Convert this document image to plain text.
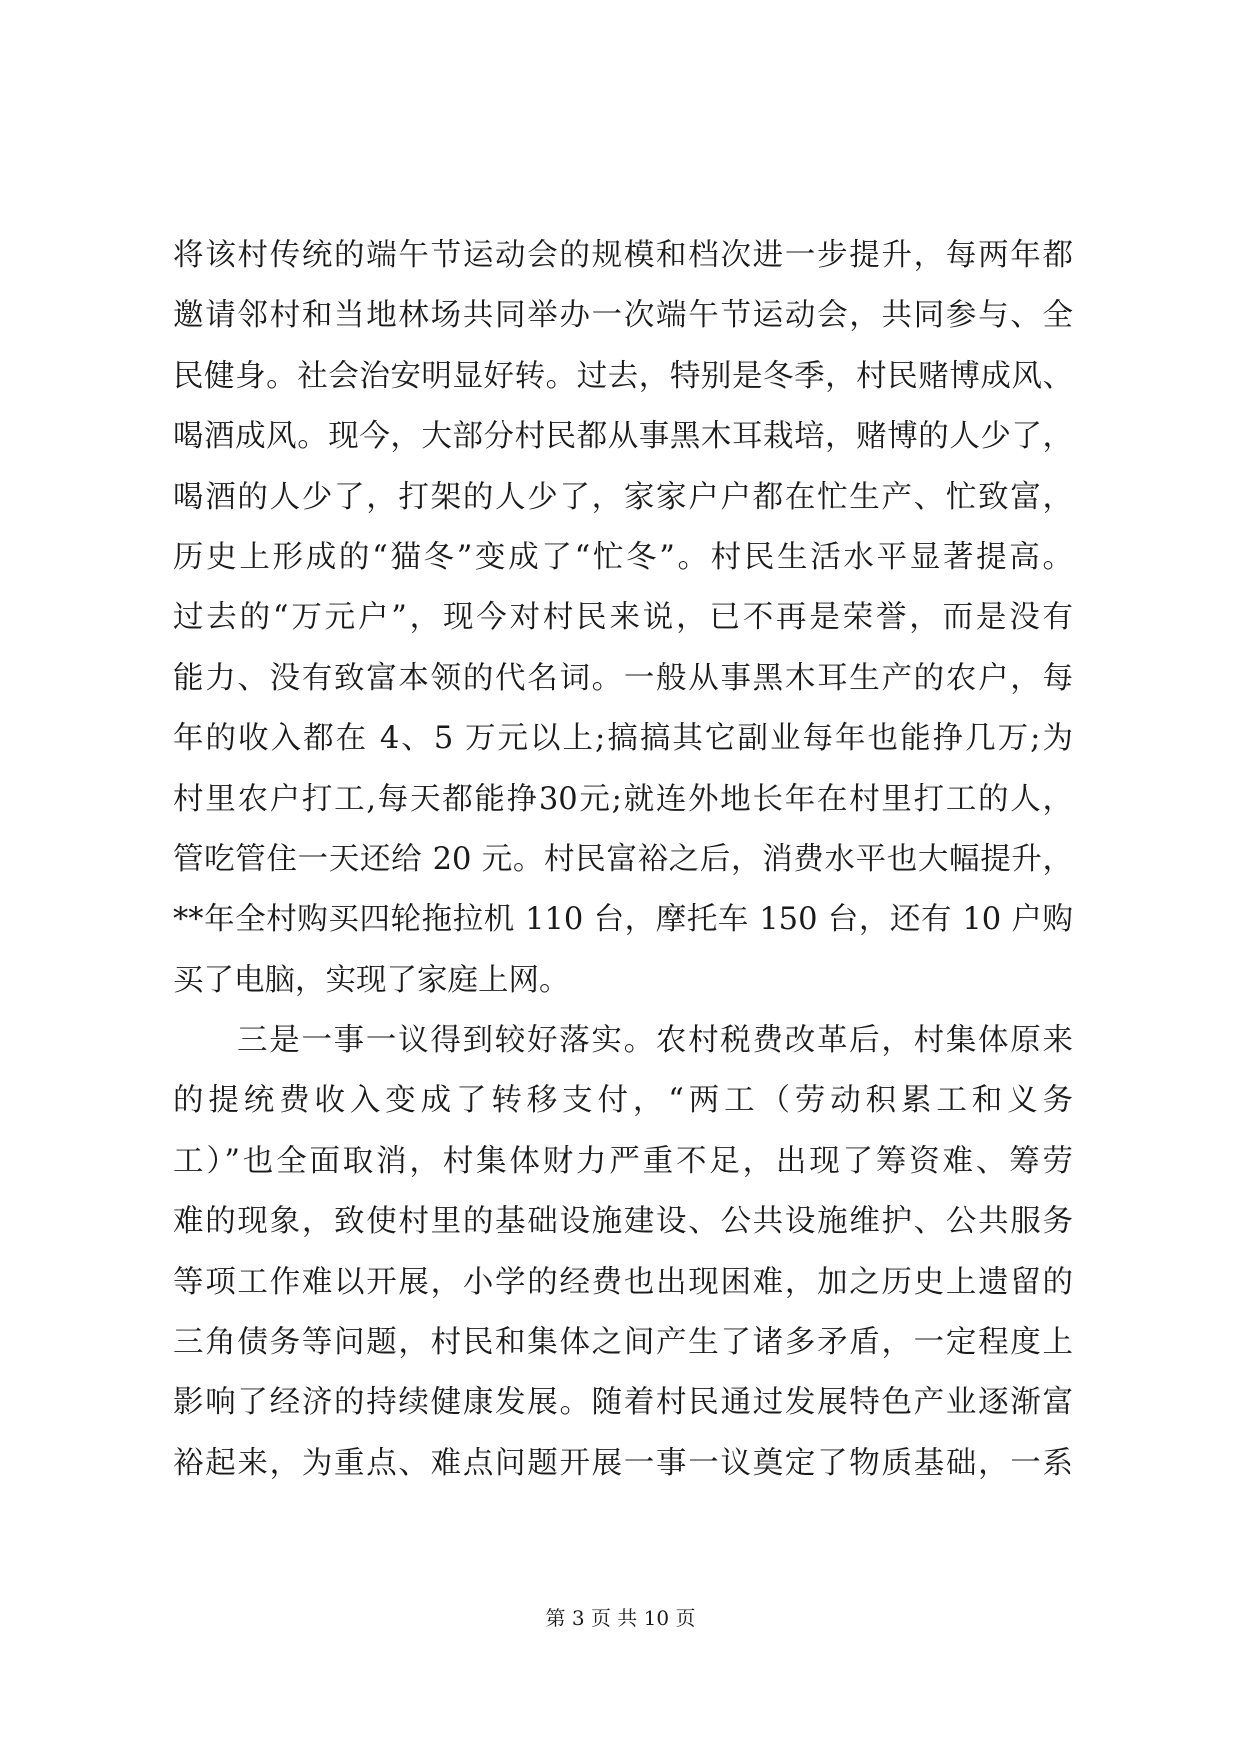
将该村传统的端午节运动会的规模和档次进一步提升，每两年都
邀请邻村和当地林场共同举办一次端午节运动会，共同参与、全
民健身。社会治安明显好转。过去，特别是冬季，村民赌博成风、
喝酒成风。现今，大部分村民都从事黑木耳栽培，赌博的人少了，
喝酒的人少了，打架的人少了，家家户户都在忙生产、忙致富，
历史上形成的“猫冬”变成了“忙冬”。村民生活水平显著提高。
过去的“万元户”，现今对村民来说，已不再是荣誉，而是没有
能力、没有致富本领的代名词。一般从事黑木耳生产的农户，每
年的收入都在 4、5 万元以上;搞搞其它副业每年也能挣几万;为
村里农户打工,每天都能挣30元;就连外地长年在村里打工的人，
管吃管住一天还给 20 元。村民富裕之后，消费水平也大幅提升，
**年全村购买四轮拖拉机 110 台，摩托车 150 台，还有 10 户购
买了电脑，实现了家庭上网。
三是一事一议得到较好落实。农村税费改革后，村集体原来
的提统费收入变成了转移支付，“两工（劳动积累工和义务
工）”也全面取消，村集体财力严重不足，出现了筹资难、筹劳
难的现象，致使村里的基础设施建设、公共设施维护、公共服务
等项工作难以开展，小学的经费也出现困难，加之历史上遗留的
三角债务等问题，村民和集体之间产生了诸多矛盾，一定程度上
影响了经济的持续健康发展。随着村民通过发展特色产业逐渐富
裕起来，为重点、难点问题开展一事一议奠定了物质基础，一系
第 3 页 共 10 页
